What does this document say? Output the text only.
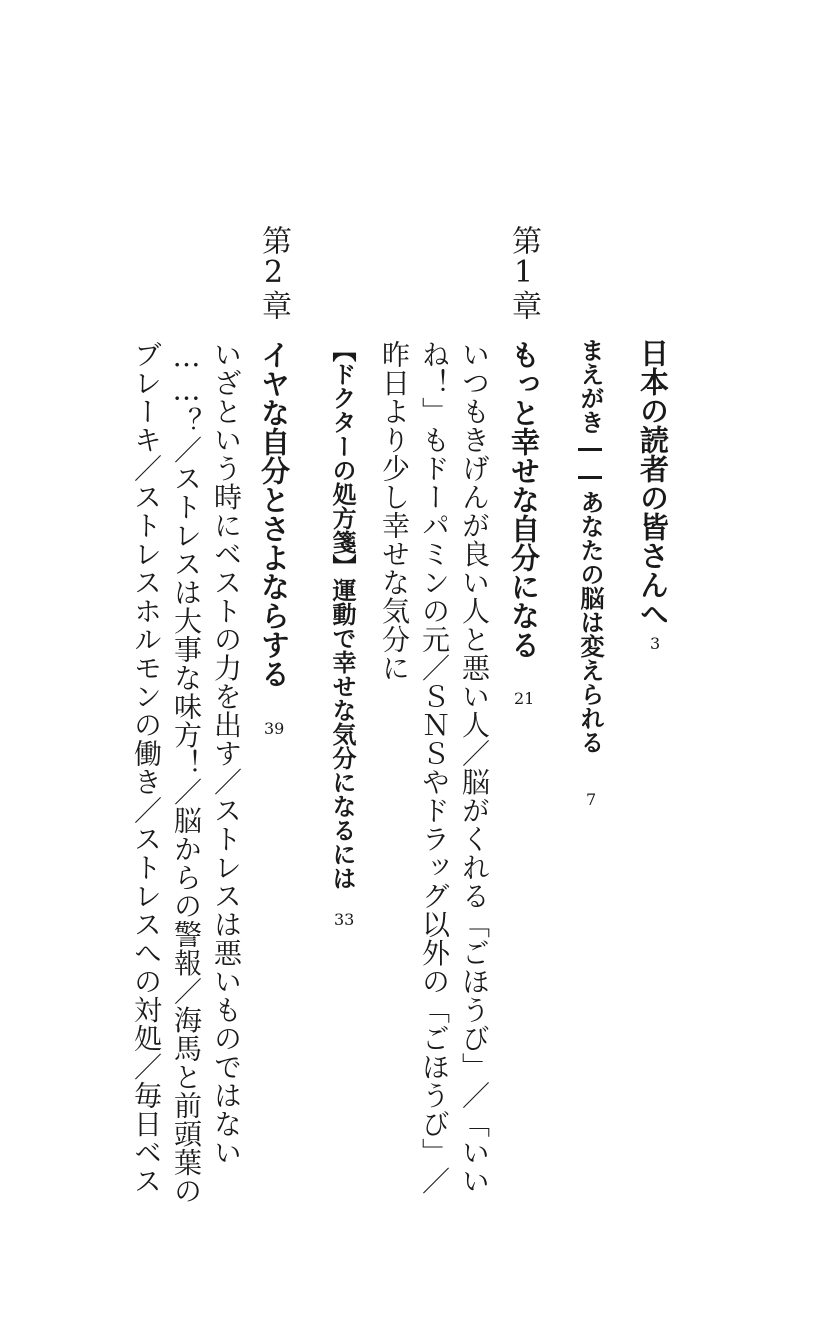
日本の読者の皆さんへ
3
まえがき――あなたの脳は変えられる
7
第1章
もっと幸せな自分になる
21
いつもきげんが良い人と悪い人／脳がくれる「ごほうび」／「いい
ね！」もドーパミンの元／ＳＮＳやドラッグ以外の「ごほうび」／
昨日より少し幸せな気分に
【ドクターの処方箋】運動で幸せな気分になるには
33
第2章
イヤな自分とさよならする
39
いざという時にベストの力を出す／ストレスは悪いものではない
……？／ストレスは大事な味方！／脳からの警報／海馬と前頭葉の
ブレーキ／ストレスホルモンの働き／ストレスへの対処／毎日ベス
